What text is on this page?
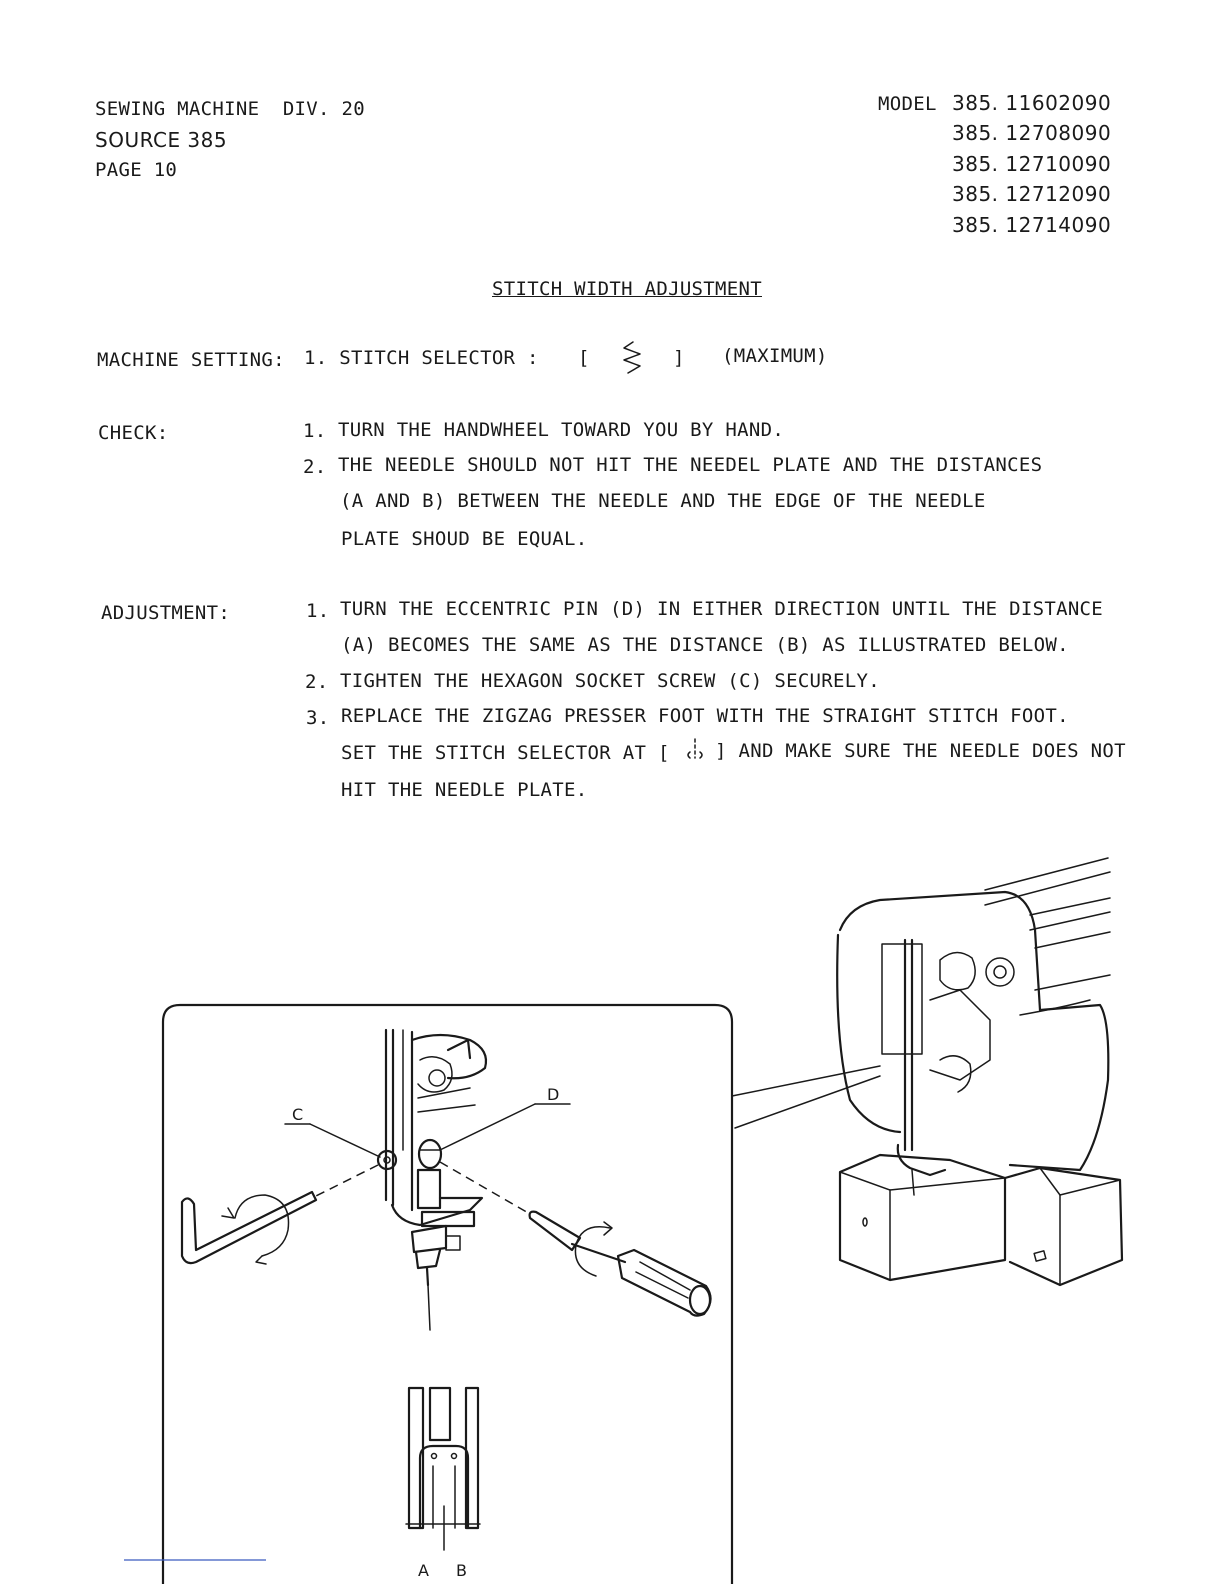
SEWING MACHINE  DIV. 20
SOURCE 385
PAGE 10
MODEL 385. 11602090
385. 12708090
385. 12710090
385. 12712090
385. 12714090
STITCH WIDTH ADJUSTMENT
MACHINE SETTING: 1. STITCH SELECTOR : [	] (MAXIMUM)
CHECK:	1. TURN THE HANDWHEEL TOWARD YOU BY HAND.
2. THE NEEDLE SHOULD NOT HIT THE NEEDEL PLATE AND THE DISTANCES
(A AND B) BETWEEN THE NEEDLE AND THE EDGE OF THE NEEDLE
PLATE SHOUD BE EQUAL.
ADJUSTMENT:	1. TURN THE ECCENTRIC PIN (D) IN EITHER DIRECTION UNTIL THE DISTANCE
(A) BECOMES THE SAME AS THE DISTANCE (B) AS ILLUSTRATED BELOW.
2. TIGHTEN THE HEXAGON SOCKET SCREW (C) SECURELY.
3. REPLACE THE ZIGZAG PRESSER FOOT WITH THE STRAIGHT STITCH FOOT.
SET THE STITCH SELECTOR AT [ ] AND MAKE SURE THE NEEDLE DOES NOT
HIT THE NEEDLE PLATE.
C
D
A B
